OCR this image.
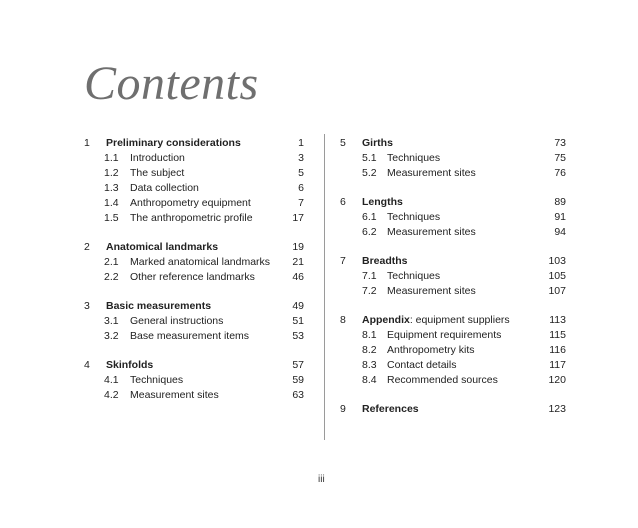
Contents
1 Preliminary considerations	1
1.1 Introduction	3
1.2 The subject	5
1.3 Data collection	6
1.4 Anthropometry equipment	7
1.5 The anthropometric profile	17
2 Anatomical landmarks	19
2.1 Marked anatomical landmarks 21
2.2 Other reference landmarks	46
3 Basic measurements	49
3.1 General instructions	51
3.2 Base measurement items	53
4 Skinfolds	57
4.1 Techniques	59
4.2 Measurement sites	63
5 Girths	73
5.1 Techniques	75
5.2 Measurement sites	76
6 Lengths	89
6.1 Techniques	91
6.2 Measurement sites	94
7 Breadths	103
7.1 Techniques	105
7.2 Measurement sites	107
8 Appendix: equipment suppliers	113
8.1 Equipment requirements	115
8.2 Anthropometry kits	116
8.3 Contact details	117
8.4 Recommended sources	120
9 References	123
iii
